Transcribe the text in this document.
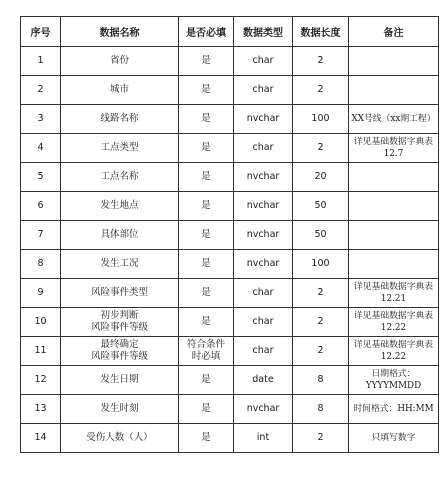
序号	数据名称	是否必填	数据类型	数据长度	备注
1	省份	是	char	2	

2	城市	是	char	2	

3	线路名称	是	nvchar	100	XX号线（xx期工程）

4	工点类型	是	char	2	详见基础数据字典表
12.7

5	工点名称	是	nvchar	20	

6	发生地点	是	nvchar	50	

7	具体部位	是	nvchar	50	

8	发生工况	是	nvchar	100	

9	风险事件类型	是	char	2	详见基础数据字典表
12.21

10	初步判断
风险事件等级	是	char	2	详见基础数据字典表
12.22

11	最终确定
风险事件等级	符合条件
时必填	char	2	详见基础数据字典表
12.22

12	发生日期	是	date	8	日期格式：YYYYMMDD

13	发生时刻	是	nvchar	8	时间格式：HH:MM

14	受伤人数（人）	是	int	2	只填写数字
